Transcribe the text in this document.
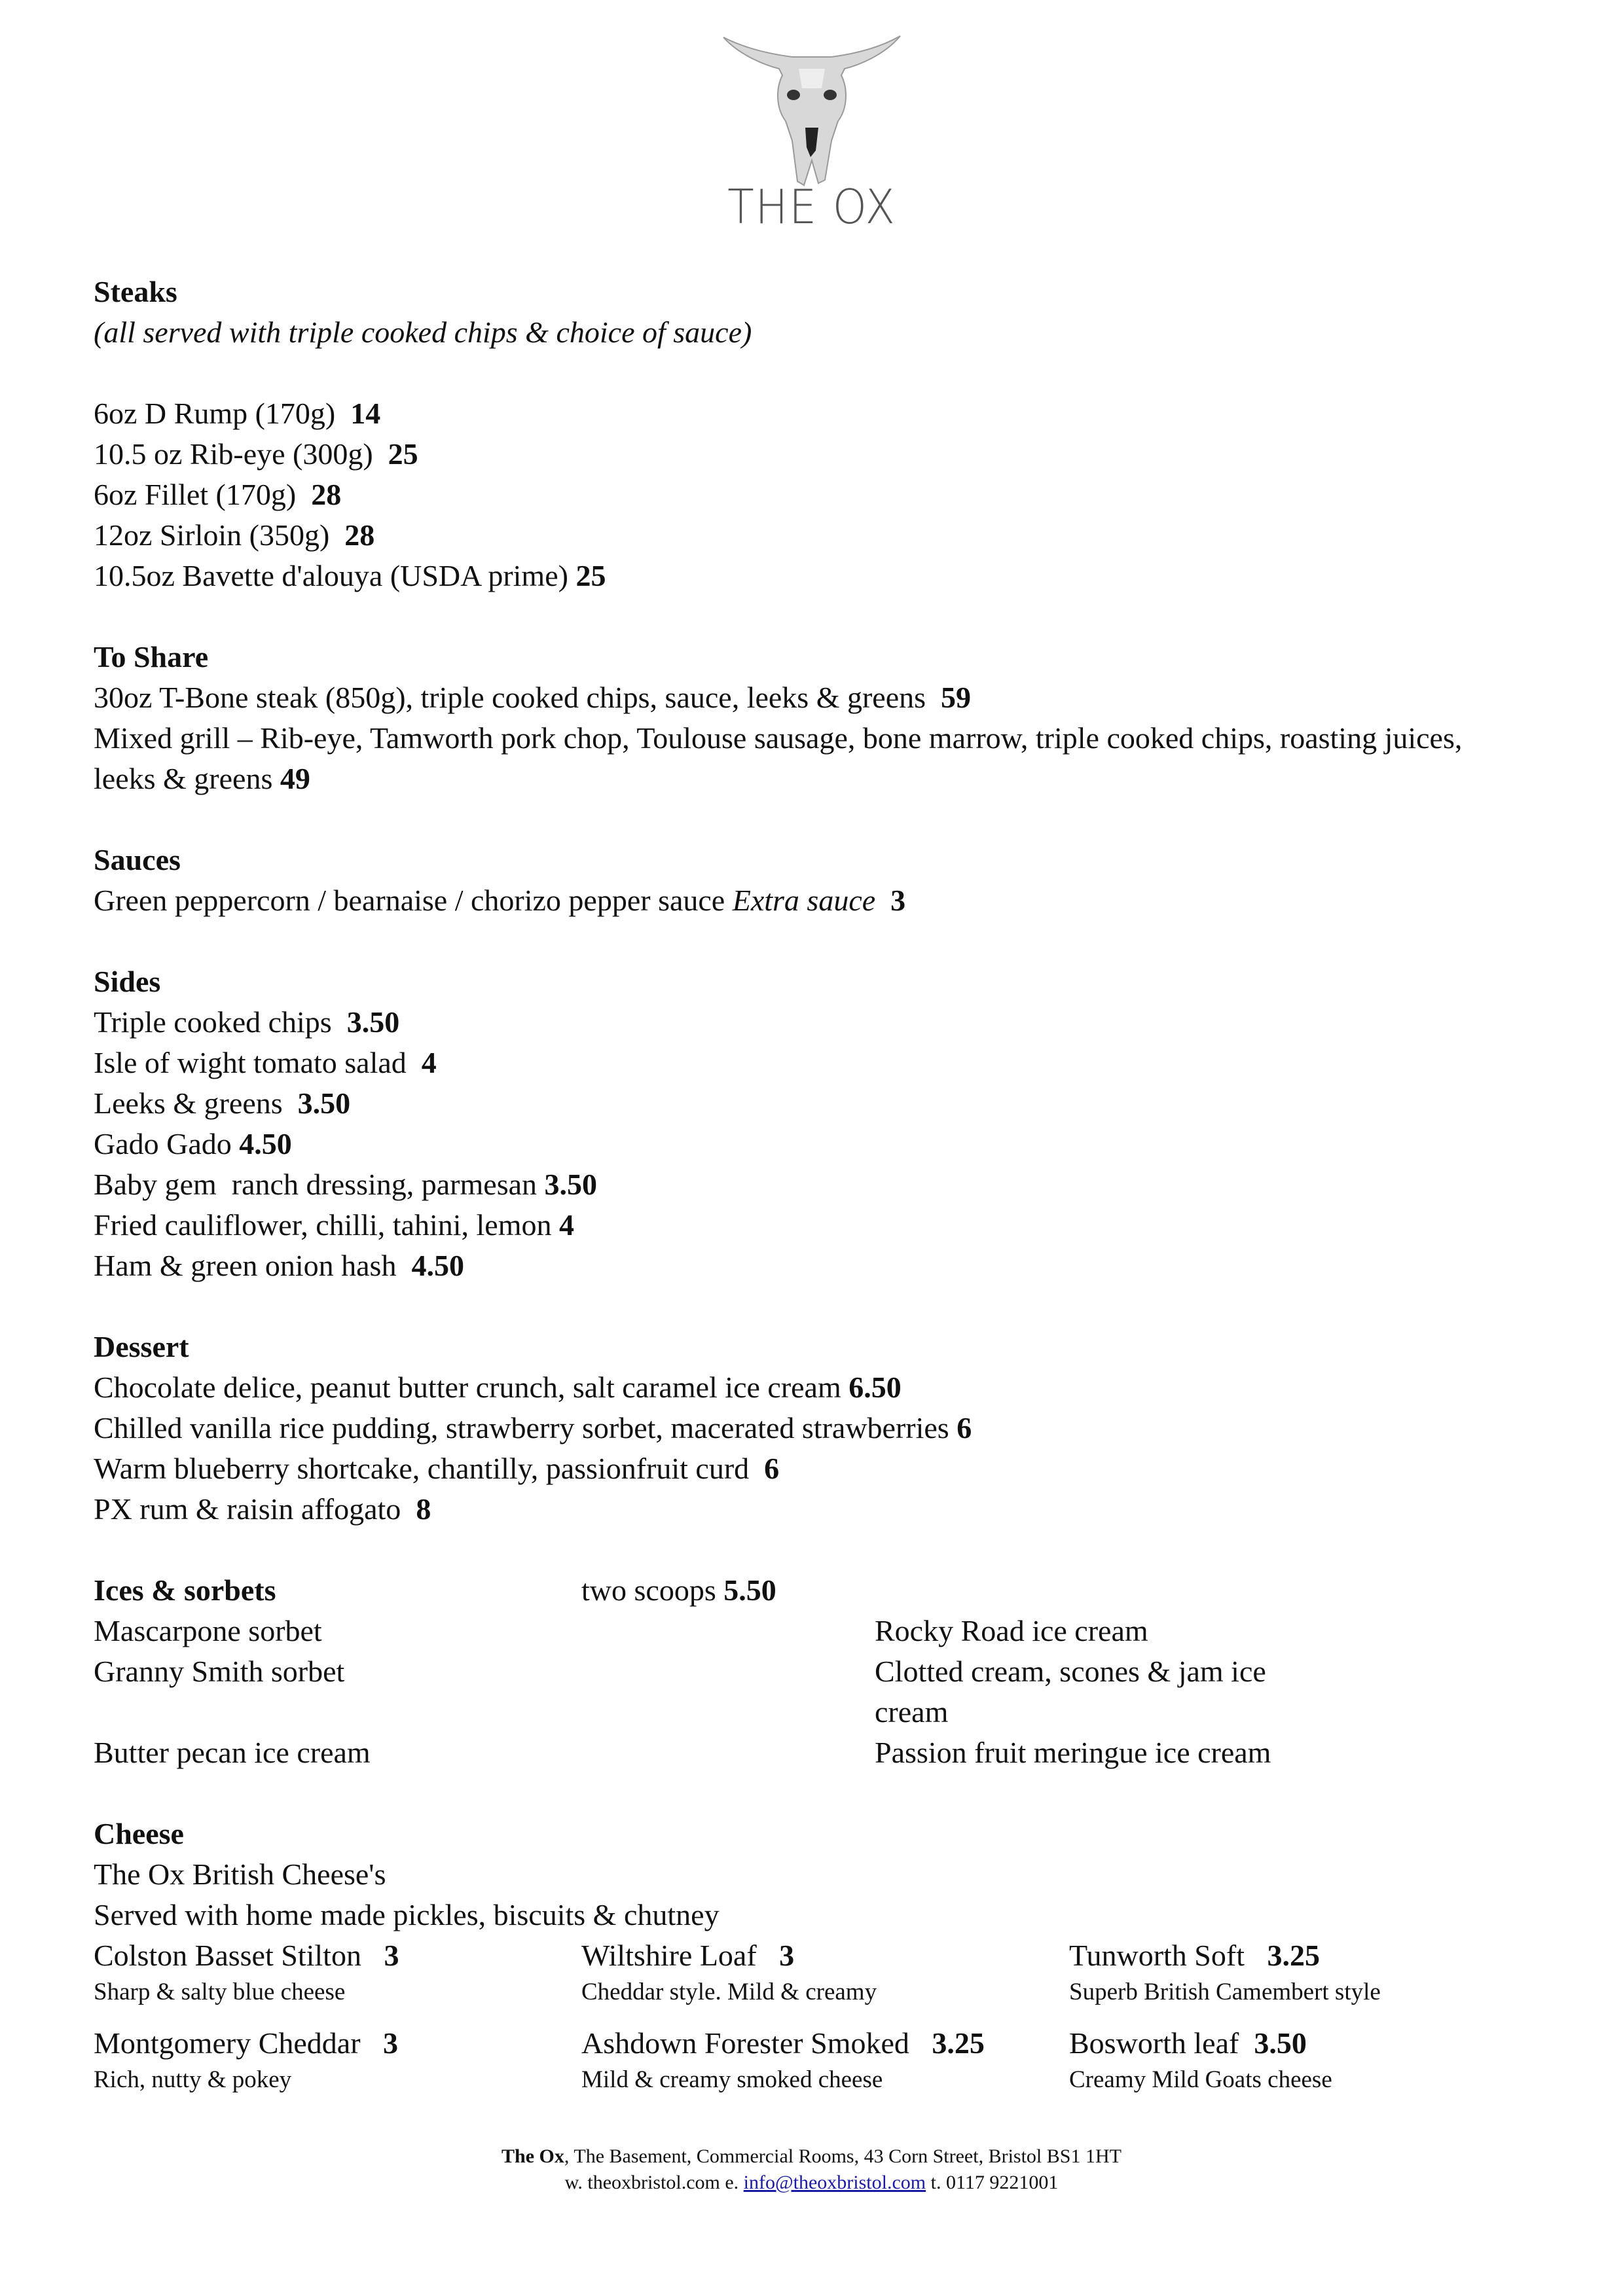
THE OX
Steaks
(all served with triple cooked chips & choice of sauce)
6oz D Rump (170g)  14
10.5 oz Rib-eye (300g)  25
6oz Fillet (170g)  28
12oz Sirloin (350g)  28
10.5oz Bavette d'alouya (USDA prime) 25
To Share
30oz T-Bone steak (850g), triple cooked chips, sauce, leeks & greens  59
Mixed grill – Rib-eye, Tamworth pork chop, Toulouse sausage, bone marrow, triple cooked chips, roasting juices, leeks & greens 49
Sauces
Green peppercorn / bearnaise / chorizo pepper sauce Extra sauce 3
Sides
Triple cooked chips  3.50
Isle of wight tomato salad  4
Leeks & greens  3.50
Gado Gado 4.50
Baby gem  ranch dressing, parmesan 3.50
Fried cauliflower, chilli, tahini, lemon 4
Ham & green onion hash  4.50
Dessert
Chocolate delice, peanut butter crunch, salt caramel ice cream 6.50
Chilled vanilla rice pudding, strawberry sorbet, macerated strawberries 6
Warm blueberry shortcake, chantilly, passionfruit curd  6
PX rum & raisin affogato  8
Ices & sorbets	two scoops 5.50
Mascarpone sorbet	Rocky Road ice cream
Granny Smith sorbet	Clotted cream, scones & jam ice cream
Butter pecan ice cream	Passion fruit meringue ice cream
Cheese
The Ox British Cheese's
Served with home made pickles, biscuits & chutney
Colston Basset Stilton   3
Sharp & salty blue cheese
Wiltshire Loaf   3
Cheddar style. Mild & creamy
Tunworth Soft   3.25
Superb British Camembert style
Montgomery Cheddar   3
Rich, nutty & pokey
Ashdown Forester Smoked   3.25
Mild & creamy smoked cheese
Bosworth leaf  3.50
Creamy Mild Goats cheese
The Ox, The Basement, Commercial Rooms, 43 Corn Street, Bristol BS1 1HT
w. theoxbristol.com e. info@theoxbristol.com t. 0117 9221001
